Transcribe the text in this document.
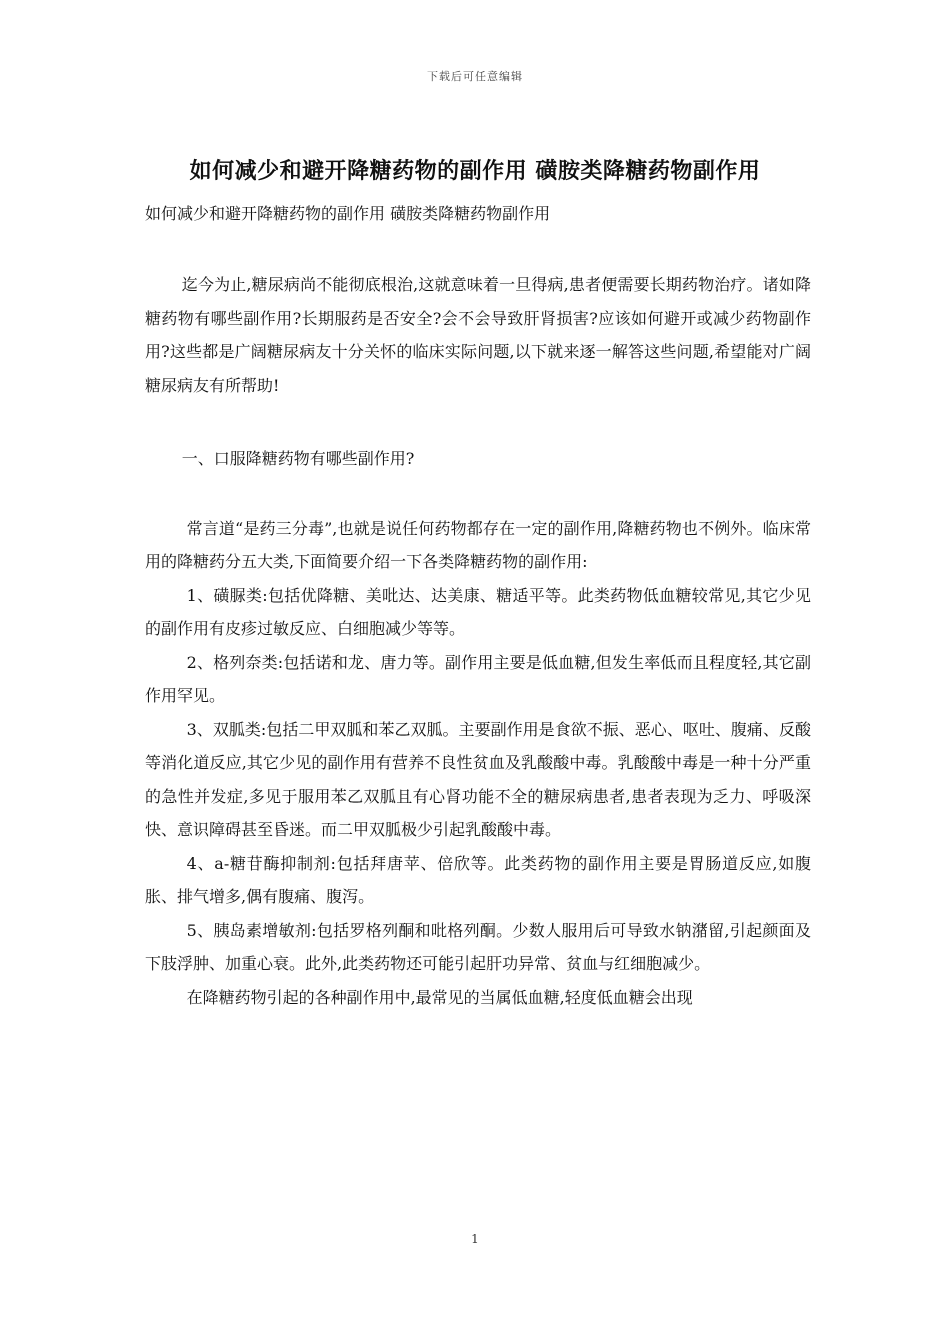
下载后可任意编辑
如何减少和避开降糖药物的副作用 磺胺类降糖药物副作用
如何减少和避开降糖药物的副作用 磺胺类降糖药物副作用

迄今为止,糖尿病尚不能彻底根治,这就意味着一旦得病,患者便需要长期药物治疗。诸如降糖药物有哪些副作用?长期服药是否安全?会不会导致肝肾损害?应该如何避开或减少药物副作用?这些都是广阔糖尿病友十分关怀的临床实际问题,以下就来逐一解答这些问题,希望能对广阔糖尿病友有所帮助!

一、口服降糖药物有哪些副作用?

常言道“是药三分毒”,也就是说任何药物都存在一定的副作用,降糖药物也不例外。临床常用的降糖药分五大类,下面简要介绍一下各类降糖药物的副作用:

1、磺脲类:包括优降糖、美吡达、达美康、糖适平等。此类药物低血糖较常见,其它少见的副作用有皮疹过敏反应、白细胞减少等等。

2、格列奈类:包括诺和龙、唐力等。副作用主要是低血糖,但发生率低而且程度轻,其它副作用罕见。

3、双胍类:包括二甲双胍和苯乙双胍。主要副作用是食欲不振、恶心、呕吐、腹痛、反酸等消化道反应,其它少见的副作用有营养不良性贫血及乳酸酸中毒。乳酸酸中毒是一种十分严重的急性并发症,多见于服用苯乙双胍且有心肾功能不全的糖尿病患者,患者表现为乏力、呼吸深快、意识障碍甚至昏迷。而二甲双胍极少引起乳酸酸中毒。

4、a-糖苷酶抑制剂:包括拜唐苹、倍欣等。此类药物的副作用主要是胃肠道反应,如腹胀、排气增多,偶有腹痛、腹泻。

5、胰岛素增敏剂:包括罗格列酮和吡格列酮。少数人服用后可导致水钠潴留,引起颜面及下肢浮肿、加重心衰。此外,此类药物还可能引起肝功异常、贫血与红细胞减少。

在降糖药物引起的各种副作用中,最常见的当属低血糖,轻度低血糖会出现

1
